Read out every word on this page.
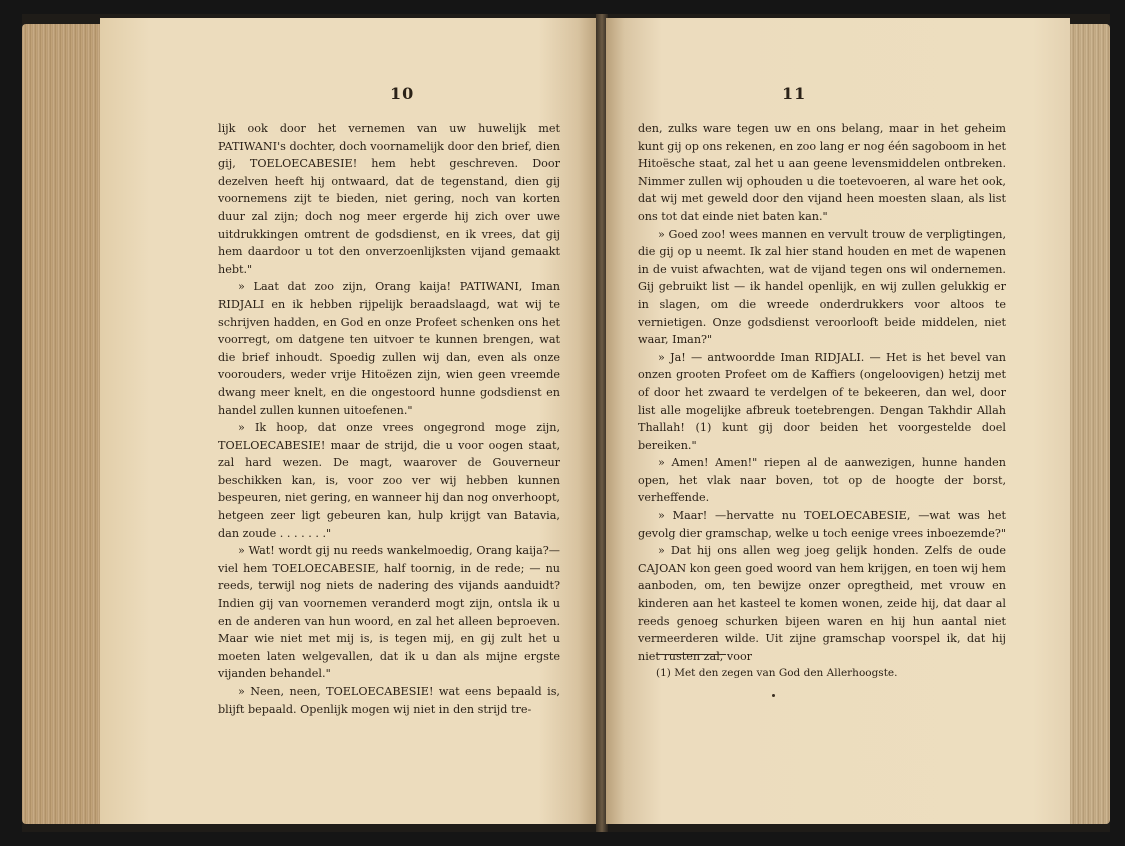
10

lijk ook door het vernemen van uw huwelijk met PATIWANI's dochter, doch voornamelijk door den brief, dien gij, TOELOECABESIE! hem hebt geschreven. Door dezelven heeft hij ontwaard, dat de tegenstand, dien gij voornemens zijt te bieden, niet gering, noch van korten duur zal zijn; doch nog meer ergerde hij zich over uwe uitdrukkingen omtrent de godsdienst, en ik vrees, dat gij hem daardoor u tot den onverzoenlijksten vijand gemaakt hebt."

» Laat dat zoo zijn, Orang kaija! PATIWANI, Iman RIDJALI en ik hebben rijpelijk beraadslaagd, wat wij te schrijven hadden, en God en onze Profeet schenken ons het voorregt, om datgene ten uitvoer te kunnen brengen, wat die brief inhoudt. Spoedig zullen wij dan, even als onze voorouders, weder vrije Hitoëzen zijn, wien geen vreemde dwang meer knelt, en die ongestoord hunne godsdienst en handel zullen kunnen uitoefenen."

» Ik hoop, dat onze vrees ongegrond moge zijn, TOELOECABESIE! maar de strijd, die u voor oogen staat, zal hard wezen. De magt, waarover de Gouverneur beschikken kan, is, voor zoo ver wij hebben kunnen bespeuren, niet gering, en wanneer hij dan nog onverhoopt, hetgeen zeer ligt gebeuren kan, hulp krijgt van Batavia, dan zoude . . . . . . ."

» Wat! wordt gij nu reeds wankelmoedig, Orang kaija?—viel hem TOELOECABESIE, half toornig, in de rede; — nu reeds, terwijl nog niets de nadering des vijands aanduidt? Indien gij van voornemen veranderd mogt zijn, ontsla ik u en de anderen van hun woord, en zal het alleen beproeven. Maar wie niet met mij is, is tegen mij, en gij zult het u moeten laten welgevallen, dat ik u dan als mijne ergste vijanden behandel."

» Neen, neen, TOELOECABESIE! wat eens bepaald is, blijft bepaald. Openlijk mogen wij niet in den strijd tre-

11

den, zulks ware tegen uw en ons belang, maar in het geheim kunt gij op ons rekenen, en zoo lang er nog één sagoboom in het Hitoësche staat, zal het u aan geene levensmiddelen ontbreken. Nimmer zullen wij ophouden u die toetevoeren, al ware het ook, dat wij met geweld door den vijand heen moesten slaan, als list ons tot dat einde niet baten kan."

» Goed zoo! wees mannen en vervult trouw de verpligtingen, die gij op u neemt. Ik zal hier stand houden en met de wapenen in de vuist afwachten, wat de vijand tegen ons wil ondernemen. Gij gebruikt list — ik handel openlijk, en wij zullen gelukkig er in slagen, om die wreede onderdrukkers voor altoos te vernietigen. Onze godsdienst veroorlooft beide middelen, niet waar, Iman?"

» Ja! — antwoordde Iman RIDJALI. — Het is het bevel van onzen grooten Profeet om de Kaffiers (ongeloovigen) hetzij met of door het zwaard te verdelgen of te bekeeren, dan wel, door list alle mogelijke afbreuk toetebrengen. Dengan Takhdir Allah Thallah! (1) kunt gij door beiden het voorgestelde doel bereiken."

» Amen! Amen!" riepen al de aanwezigen, hunne handen open, het vlak naar boven, tot op de hoogte der borst, verheffende.

» Maar! —hervatte nu TOELOECABESIE, —wat was het gevolg dier gramschap, welke u toch eenige vrees inboezemde?"

» Dat hij ons allen weg joeg gelijk honden. Zelfs de oude CAJOAN kon geen goed woord van hem krijgen, en toen wij hem aanboden, om, ten bewijze onzer opregtheid, met vrouw en kinderen aan het kasteel te komen wonen, zeide hij, dat daar al reeds genoeg schurken bijeen waren en hij hun aantal niet vermeerderen wilde. Uit zijne gramschap voorspel ik, dat hij niet rusten zal, voor

(1) Met den zegen van God den Allerhoogste.
